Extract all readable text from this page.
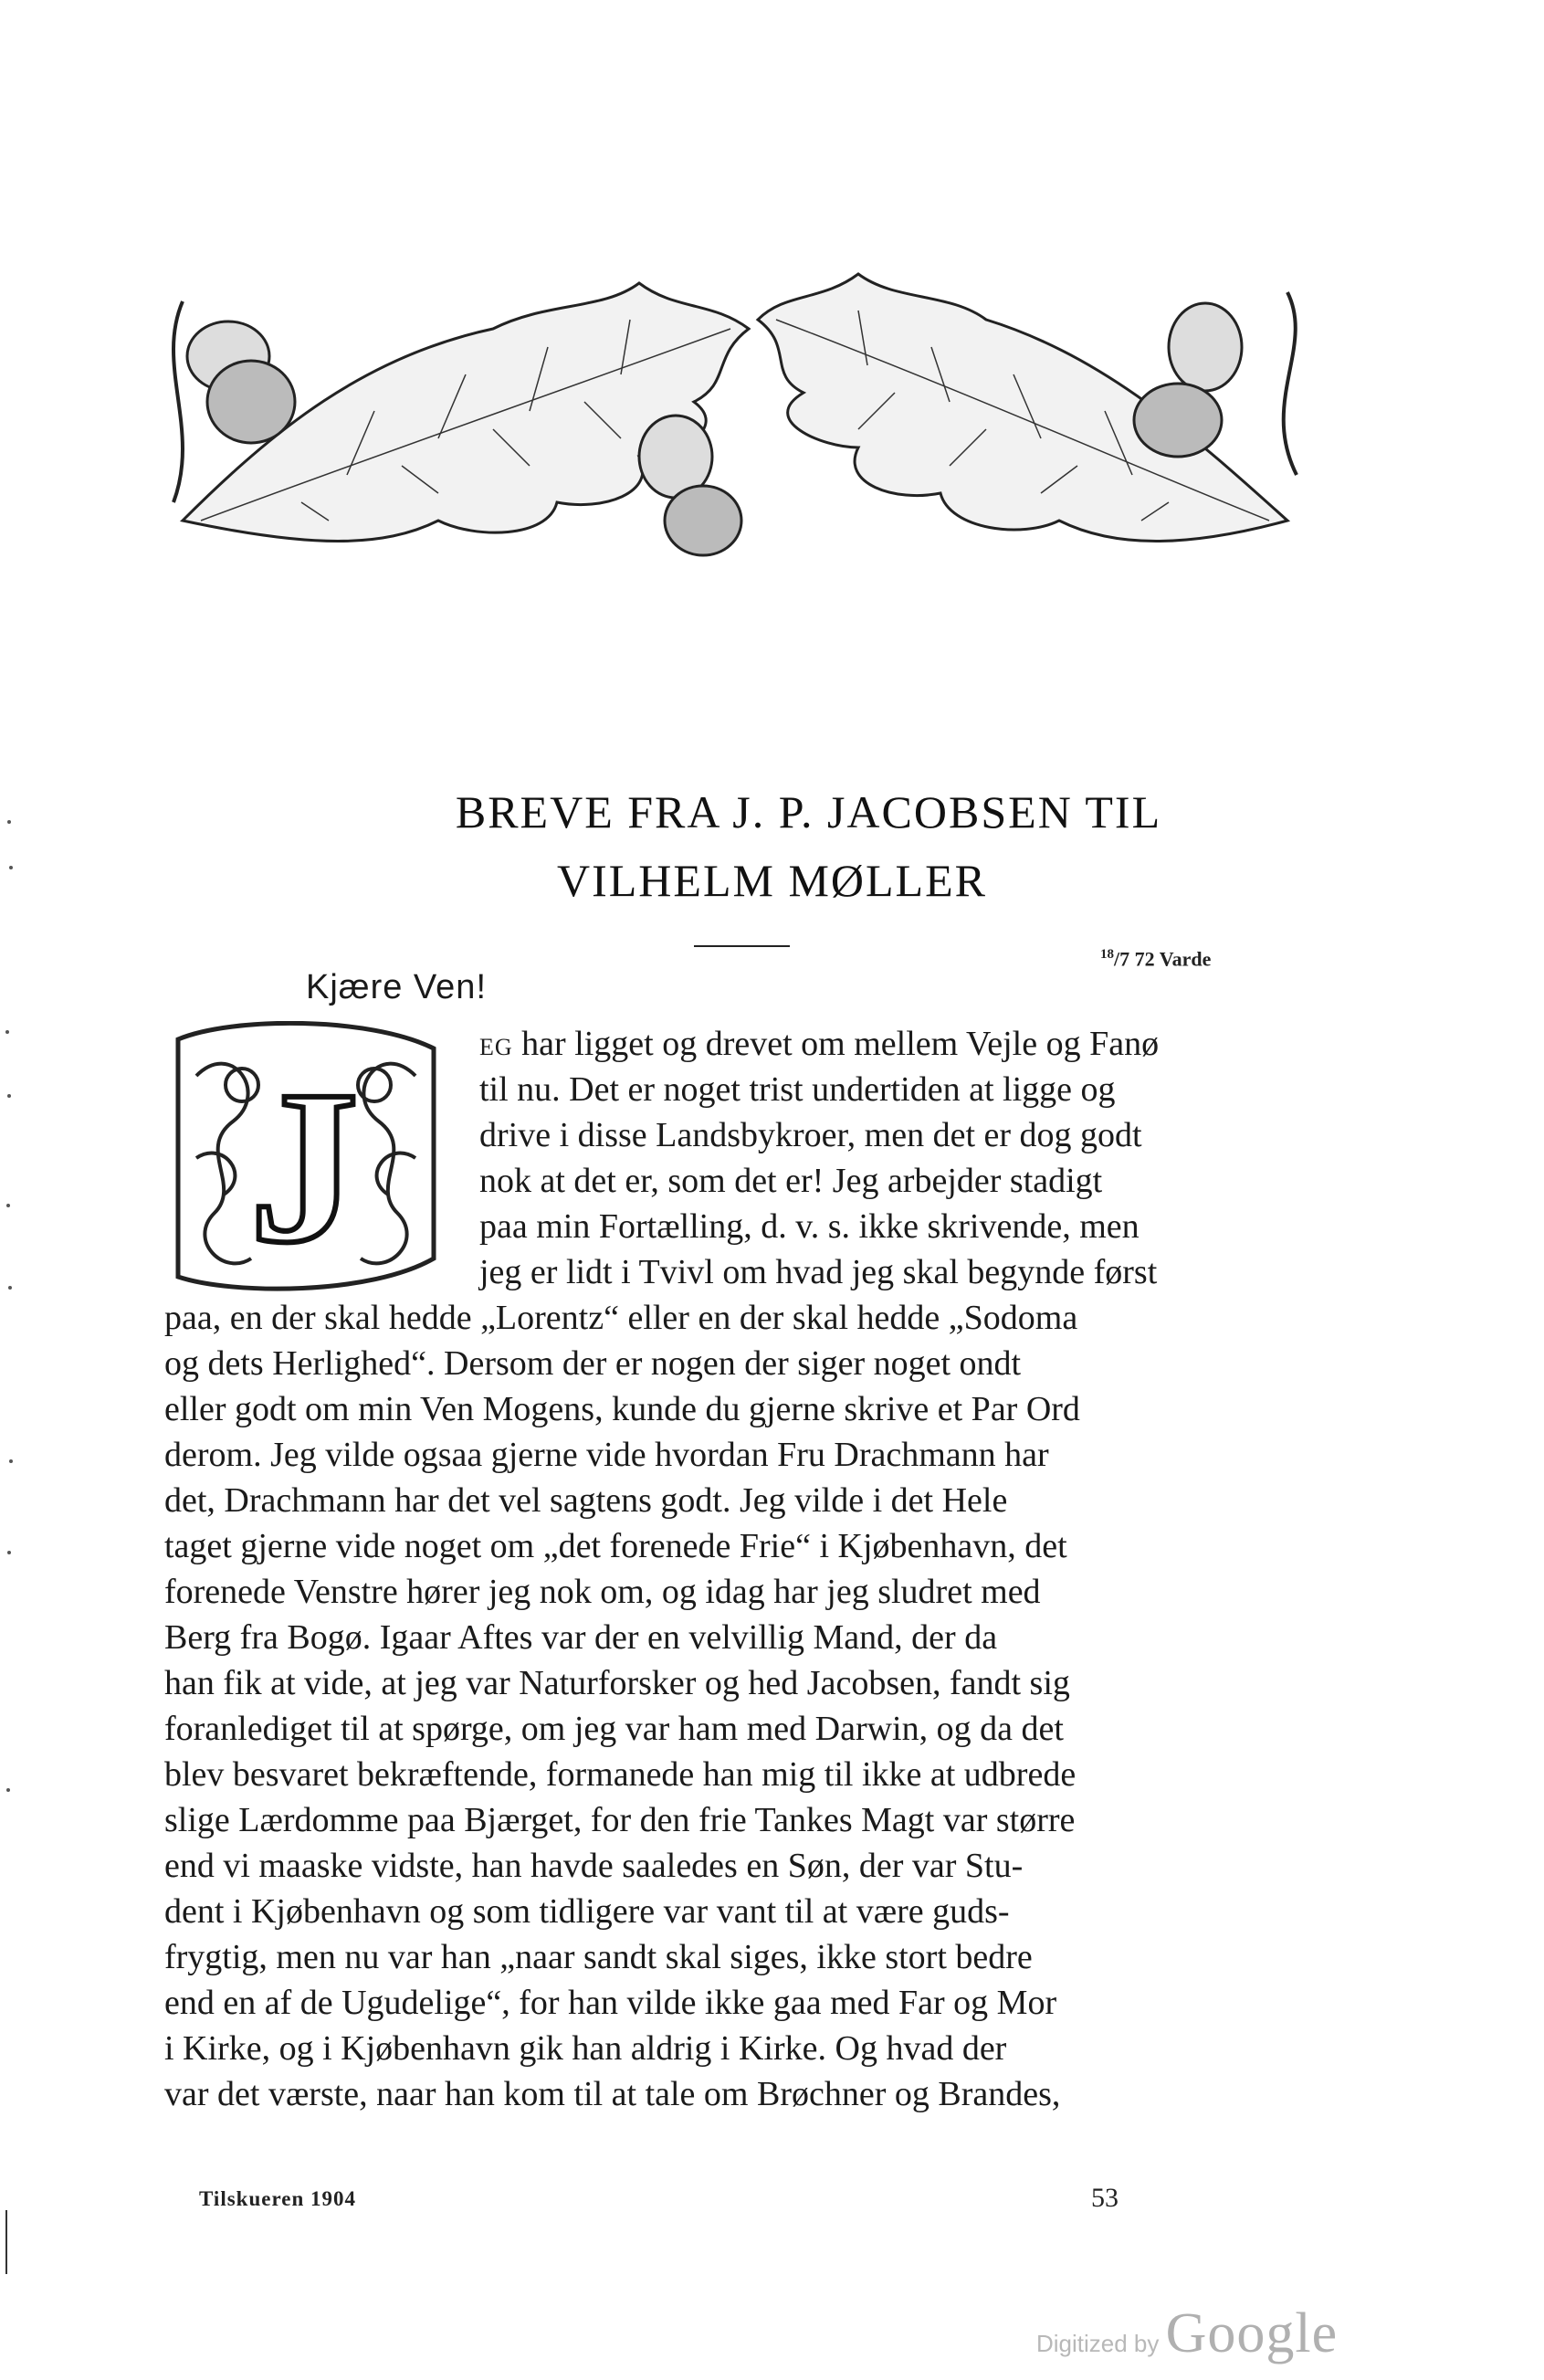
BREVE FRA J. P. JACOBSEN TIL
VILHELM MØLLER
$^{18}$/7 72 Varde
Kjære Ven!
J	EG har ligget og drevet om mellem Vejle og Fanø
til nu. Det er noget trist undertiden at ligge og
drive i disse Landsbykroer, men det er dog godt
nok at det er, som det er! Jeg arbejder stadigt
paa min Fortælling, d. v. s. ikke skrivende, men
jeg er lidt i Tvivl om hvad jeg skal begynde først
paa, en der skal hedde „Lorentz“ eller en der skal hedde „Sodoma
og dets Herlighed“. Dersom der er nogen der siger noget ondt
eller godt om min Ven Mogens, kunde du gjerne skrive et Par Ord
derom. Jeg vilde ogsaa gjerne vide hvordan Fru Drachmann har
det, Drachmann har det vel sagtens godt. Jeg vilde i det Hele
taget gjerne vide noget om „det forenede Frie“ i Kjøbenhavn, det
forenede Venstre hører jeg nok om, og idag har jeg sludret med
Berg fra Bogø. Igaar Aftes var der en velvillig Mand, der da
han fik at vide, at jeg var Naturforsker og hed Jacobsen, fandt sig
foranlediget til at spørge, om jeg var ham med Darwin, og da det
blev besvaret bekræftende, formanede han mig til ikke at udbrede
slige Lærdomme paa Bjærget, for den frie Tankes Magt var større
end vi maaske vidste, han havde saaledes en Søn, der var Stu-
dent i Kjøbenhavn og som tidligere var vant til at være guds-
frygtig, men nu var han „naar sandt skal siges, ikke stort bedre
end en af de Ugudelige“, for han vilde ikke gaa med Far og Mor
i Kirke, og i Kjøbenhavn gik han aldrig i Kirke. Og hvad der
var det værste, naar han kom til at tale om Brøchner og Brandes,
Tilskueren 1904	53
Digitized by Google
